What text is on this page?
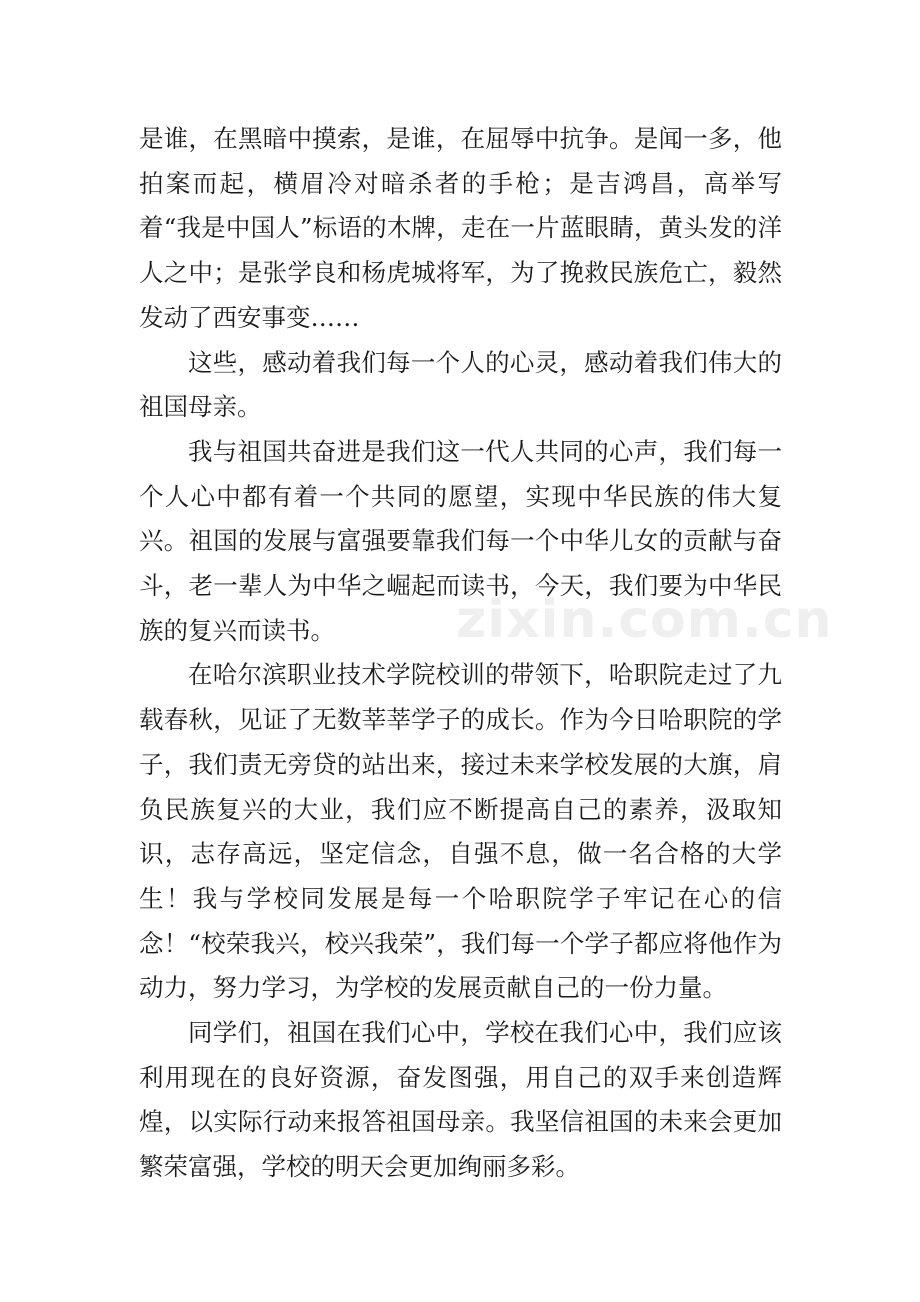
是谁，在黑暗中摸索，是谁，在屈辱中抗争。是闻一多，他拍案而起，横眉冷对暗杀者的手枪；是吉鸿昌，高举写着“我是中国人”标语的木牌，走在一片蓝眼睛，黄头发的洋人之中；是张学良和杨虎城将军，为了挽救民族危亡，毅然发动了西安事变……

这些，感动着我们每一个人的心灵，感动着我们伟大的祖国母亲。

我与祖国共奋进是我们这一代人共同的心声，我们每一个人心中都有着一个共同的愿望，实现中华民族的伟大复兴。祖国的发展与富强要靠我们每一个中华儿女的贡献与奋斗，老一辈人为中华之崛起而读书，今天，我们要为中华民族的复兴而读书。

在哈尔滨职业技术学院校训的带领下，哈职院走过了九载春秋，见证了无数莘莘学子的成长。作为今日哈职院的学子，我们责无旁贷的站出来，接过未来学校发展的大旗，肩负民族复兴的大业，我们应不断提高自己的素养，汲取知识，志存高远，坚定信念，自强不息，做一名合格的大学生！我与学校同发展是每一个哈职院学子牢记在心的信念！“校荣我兴，校兴我荣”，我们每一个学子都应将他作为动力，努力学习，为学校的发展贡献自己的一份力量。

同学们，祖国在我们心中，学校在我们心中，我们应该利用现在的良好资源，奋发图强，用自己的双手来创造辉煌，以实际行动来报答祖国母亲。我坚信祖国的未来会更加繁荣富强，学校的明天会更加绚丽多彩。

zixin.com.cn
